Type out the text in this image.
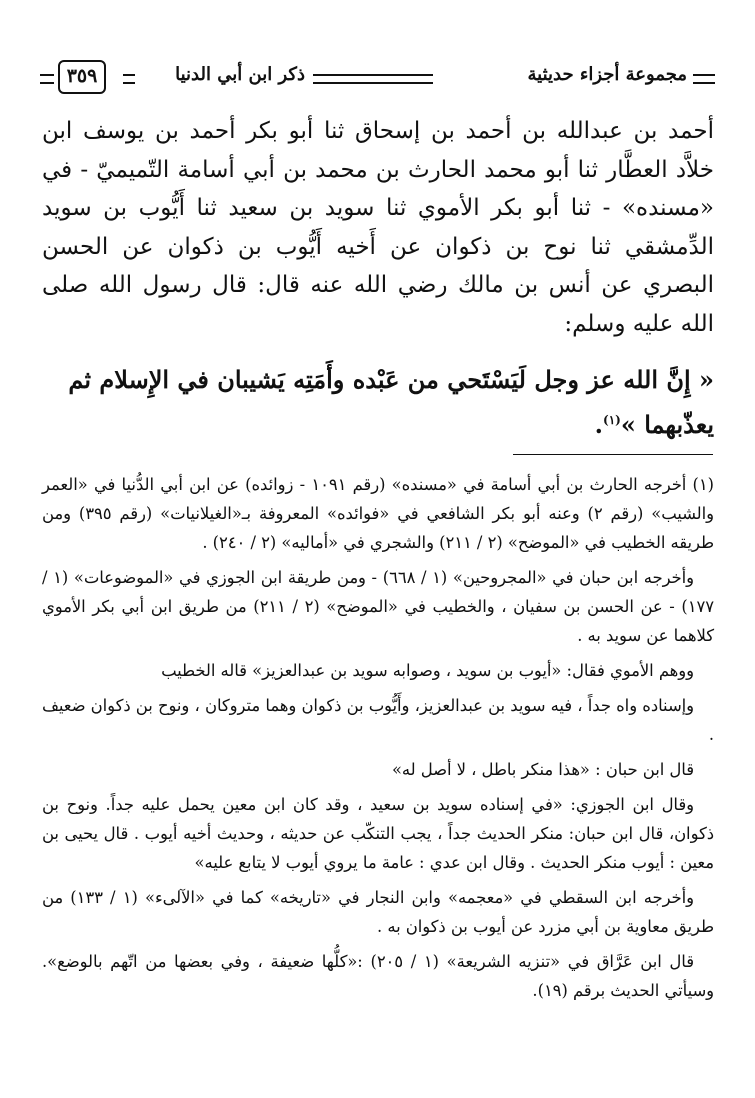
مجموعة أجزاء حديثية
ذكر ابن أبي الدنيا
٣٥٩

أحمد بن عبدالله بن أحمد بن إسحاق ثنا أبو بكر أحمد بن يوسف ابن خلاَّد العطَّار ثنا أبو محمد الحارث بن محمد بن أبي أسامة التّميميّ - في «مسنده» - ثنا أبو بكر الأموي ثنا سويد بن سعيد ثنا أَيُّوب بن سويد الدِّمشقي ثنا نوح بن ذكوان عن أَخيه أَيُّوب بن ذكوان عن الحسن البصري عن أنس بن مالك رضي الله عنه قال: قال رسول الله صلى الله عليه وسلم:

« إِنَّ الله عز وجل لَيَسْتَحي من عَبْده وأَمَتِه يَشيبان في الإِسلام ثم يعذّبهما »$^{(١)}$.

(١) أخرجه الحارث بن أبي أسامة في «مسنده» (رقم ١٠٩١ - زوائده) عن ابن أبي الدُّنيا في «العمر والشيب» (رقم ٢) وعنه أبو بكر الشافعي في «فوائده» المعروفة بـ«الغيلانيات» (رقم ٣٩٥) ومن طريقه الخطيب في «الموضح» (٢ / ٢١١) والشجري في «أماليه» (٢ / ٢٤٠) .

وأخرجه ابن حبان في «المجروحين» (١ / ٦٦٨) - ومن طريقة ابن الجوزي في «الموضوعات» (١ / ١٧٧) - عن الحسن بن سفيان ، والخطيب في «الموضح» (٢ / ٢١١) من طريق ابن أبي بكر الأموي كلاهما عن سويد به .

ووهم الأموي فقال: «أيوب بن سويد ، وصوابه سويد بن عبدالعزيز» قاله الخطيب

وإسناده واه جداً ، فيه سويد بن عبدالعزيز، وأَيُّوب بن ذكوان وهما متروكان ، ونوح بن ذكوان ضعيف .

قال ابن حبان : «هذا منكر باطل ، لا أصل له»

وقال ابن الجوزي: «في إسناده سويد بن سعيد ، وقد كان ابن معين يحمل عليه جداً. ونوح بن ذكوان، قال ابن حبان: منكر الحديث جداً ، يجب التنكّب عن حديثه ، وحديث أخيه أيوب . قال يحيى بن معين : أيوب منكر الحديث . وقال ابن عدي : عامة ما يروي أيوب لا يتابع عليه»

وأخرجه ابن السقطي في «معجمه» وابن النجار في «تاريخه» كما في «الآلىء» (١ / ١٣٣) من طريق معاوية بن أبي مزرد عن أيوب بن ذكوان به .

قال ابن عَرَّاق في «تنزيه الشريعة» (١ / ٢٠٥) :«كلُّها ضعيفة ، وفي بعضها من اتّهم بالوضع». وسيأتي الحديث برقم (١٩).
